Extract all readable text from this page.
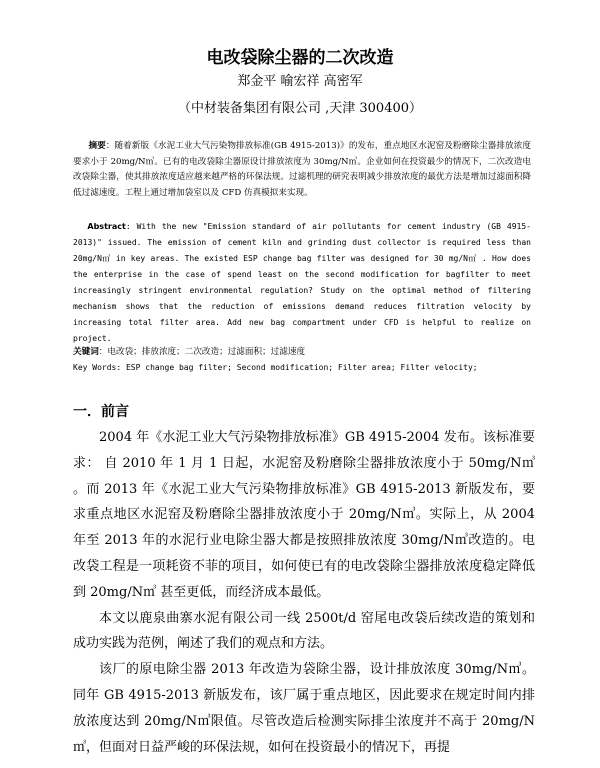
电改袋除尘器的二次改造
郑金平 喻宏祥 高密军
（中材装备集团有限公司 ,天津 300400）
摘要：随着新版《水泥工业大气污染物排放标准(GB 4915-2013)》的发布，重点地区水泥窑及粉磨除尘器排放浓度要求小于 20mg/N㎥。已有的电改袋除尘器原设计排放浓度为 30mg/N㎥。企业如何在投资最少的情况下，二次改造电改袋除尘器，使其排放浓度适应越来越严格的环保法规。过滤机理的研究表明减少排放浓度的最优方法是增加过滤面积降低过滤速度。工程上通过增加袋室以及 CFD 仿真模拟来实现。
Abstract: With the new "Emission standard of air pollutants for cement industry (GB 4915-2013)" issued. The emission of cement kiln and grinding dust collector is required less than 20mg/N㎥ in key areas. The existed ESP change bag filter was designed for 30 mg/N㎥ . How does the enterprise in the case of spend least on the second modification for bagfilter to meet increasingly stringent environmental regulation? Study on the optimal method of filtering mechanism shows that the reduction of emissions demand reduces filtration velocity by increasing total filter area. Add new bag compartment under CFD is helpful to realize on project.
关键词：电改袋；排放浓度；二次改造；过滤面积；过滤速度
Key Words: ESP change bag filter; Second modification; Filter area; Filter velocity;
一．前言

2004 年《水泥工业大气污染物排放标准》GB 4915-2004 发布。该标准要求： 自 2010 年 1 月 1 日起，水泥窑及粉磨除尘器排放浓度小于 50mg/N㎥ 。而 2013 年《水泥工业大气污染物排放标准》GB 4915-2013 新版发布，要求重点地区水泥窑及粉磨除尘器排放浓度小于 20mg/N㎥。实际上，从 2004 年至 2013 年的水泥行业电除尘器大都是按照排放浓度 30mg/N㎥改造的。电改袋工程是一项耗资不菲的项目，如何使已有的电改袋除尘器排放浓度稳定降低到 20mg/N㎥ 甚至更低，而经济成本最低。

本文以鹿泉曲寨水泥有限公司一线 2500t/d 窑尾电改袋后续改造的策划和成功实践为范例，阐述了我们的观点和方法。

该厂的原电除尘器 2013 年改造为袋除尘器，设计排放浓度 30mg/N㎥。同年 GB 4915-2013 新版发布，该厂属于重点地区，因此要求在规定时间内排放浓度达到 20mg/N㎥限值。尽管改造后检测实际排尘浓度并不高于 20mg/N㎥，但面对日益严峻的环保法规，如何在投资最小的情况下，再提
